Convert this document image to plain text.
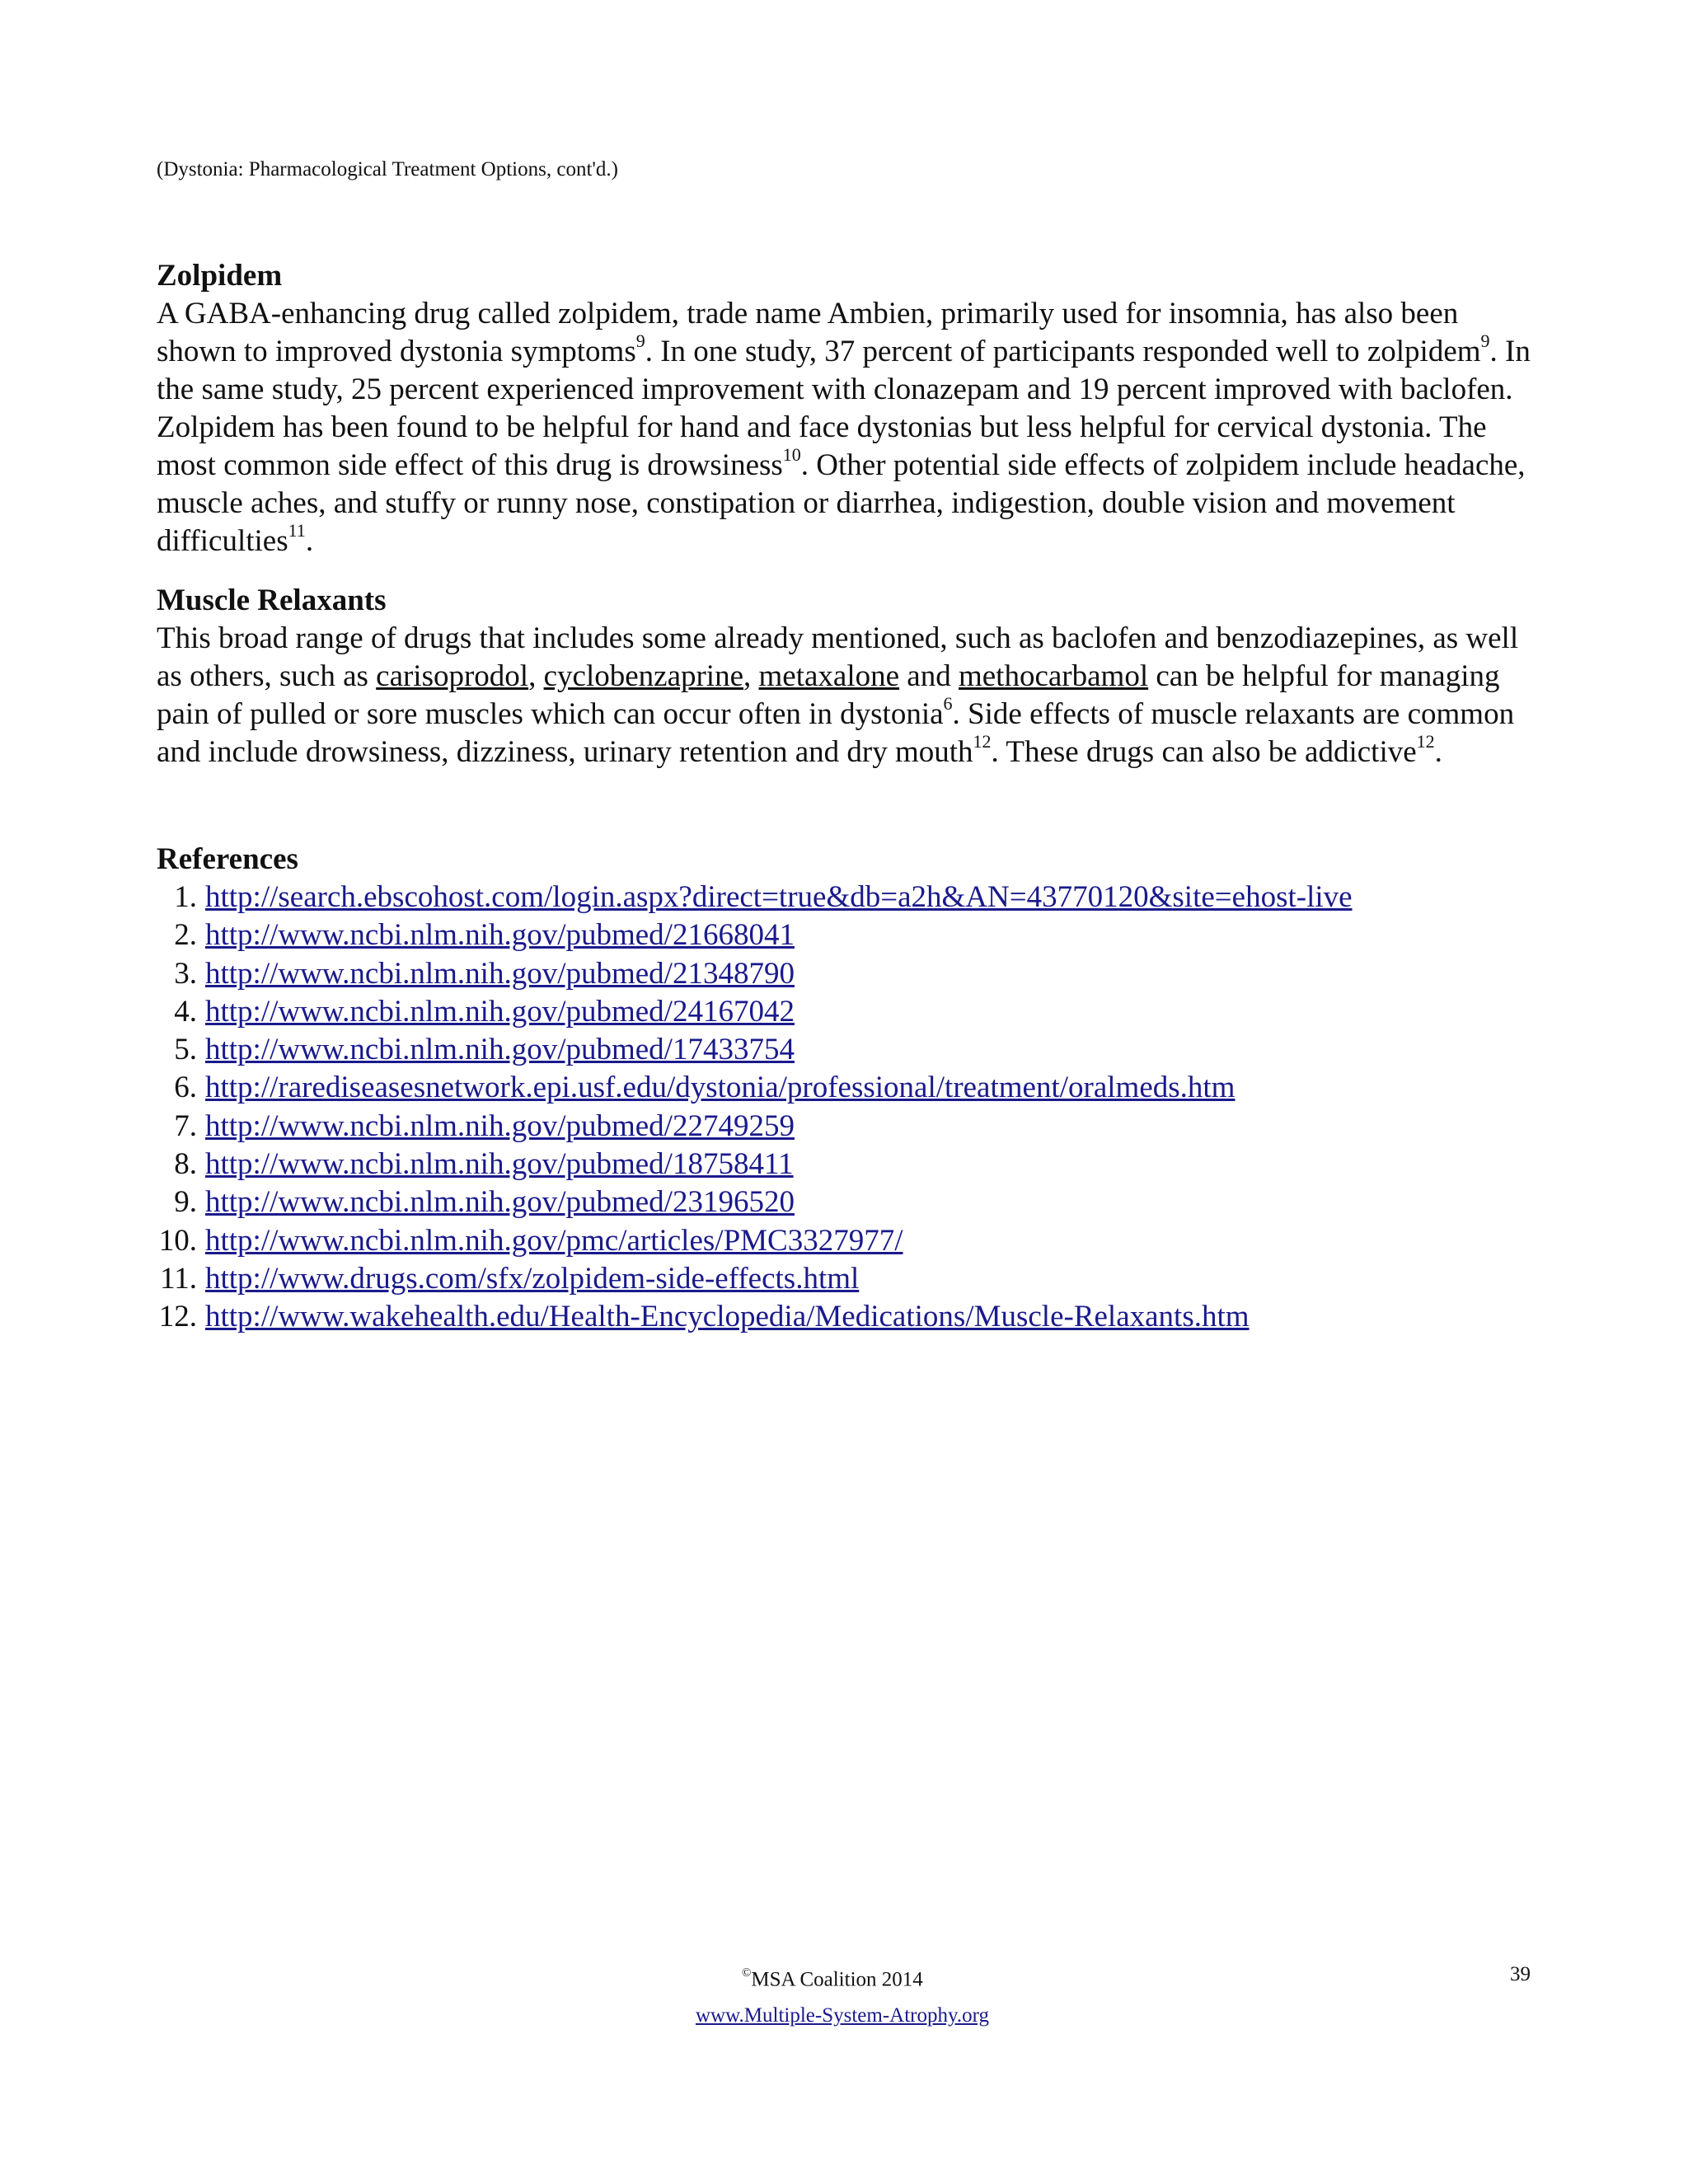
(Dystonia: Pharmacological Treatment Options, cont'd.)
Zolpidem

A GABA-enhancing drug called zolpidem, trade name Ambien, primarily used for insomnia, has also been shown to improved dystonia symptoms$^9$. In one study, 37 percent of participants responded well to zolpidem$^9$. In the same study, 25 percent experienced improvement with clonazepam and 19 percent improved with baclofen. Zolpidem has been found to be helpful for hand and face dystonias but less helpful for cervical dystonia. The most common side effect of this drug is drowsiness$^{10}$. Other potential side effects of zolpidem include headache, muscle aches, and stuffy or runny nose, constipation or diarrhea, indigestion, double vision and movement difficulties$^{11}$.

Muscle Relaxants

This broad range of drugs that includes some already mentioned, such as baclofen and benzodiazepines, as well as others, such as carisoprodol, cyclobenzaprine, metaxalone and methocarbamol can be helpful for managing pain of pulled or sore muscles which can occur often in dystonia$^6$. Side effects of muscle relaxants are common and include drowsiness, dizziness, urinary retention and dry mouth$^{12}$. These drugs can also be addictive$^{12}$.

References
1. http://search.ebscohost.com/login.aspx?direct=true&db=a2h&AN=43770120&site=ehost-live
2. http://www.ncbi.nlm.nih.gov/pubmed/21668041
3. http://www.ncbi.nlm.nih.gov/pubmed/21348790
4. http://www.ncbi.nlm.nih.gov/pubmed/24167042
5. http://www.ncbi.nlm.nih.gov/pubmed/17433754
6. http://rarediseasesnetwork.epi.usf.edu/dystonia/professional/treatment/oralmeds.htm
7. http://www.ncbi.nlm.nih.gov/pubmed/22749259
8. http://www.ncbi.nlm.nih.gov/pubmed/18758411
9. http://www.ncbi.nlm.nih.gov/pubmed/23196520
10. http://www.ncbi.nlm.nih.gov/pmc/articles/PMC3327977/
11. http://www.drugs.com/sfx/zolpidem-side-effects.html
12. http://www.wakehealth.edu/Health-Encyclopedia/Medications/Muscle-Relaxants.htm
©MSA Coalition 2014	39
www.Multiple-System-Atrophy.org
